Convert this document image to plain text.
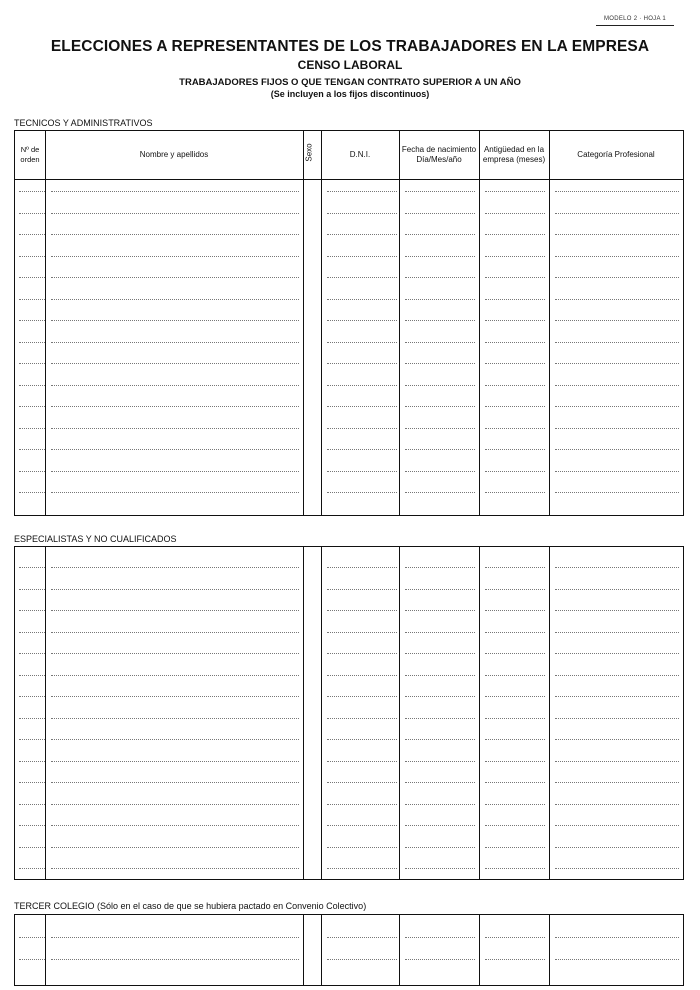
MODELO 2 · HOJA 1
ELECCIONES A REPRESENTANTES DE LOS TRABAJADORES EN LA EMPRESA
CENSO LABORAL
TRABAJADORES FIJOS O QUE TENGAN CONTRATO SUPERIOR A UN AÑO
(Se incluyen a los fijos discontinuos)
TECNICOS Y ADMINISTRATIVOS
Nº de orden
Nombre y apellidos	Sexo	D.N.I.
Fecha de nacimiento Día/Mes/año
Antigüedad en la empresa (meses)
Categoría Profesional
ESPECIALISTAS Y NO CUALIFICADOS
TERCER COLEGIO (Sólo en el caso de que se hubiera pactado en Convenio Colectivo)
